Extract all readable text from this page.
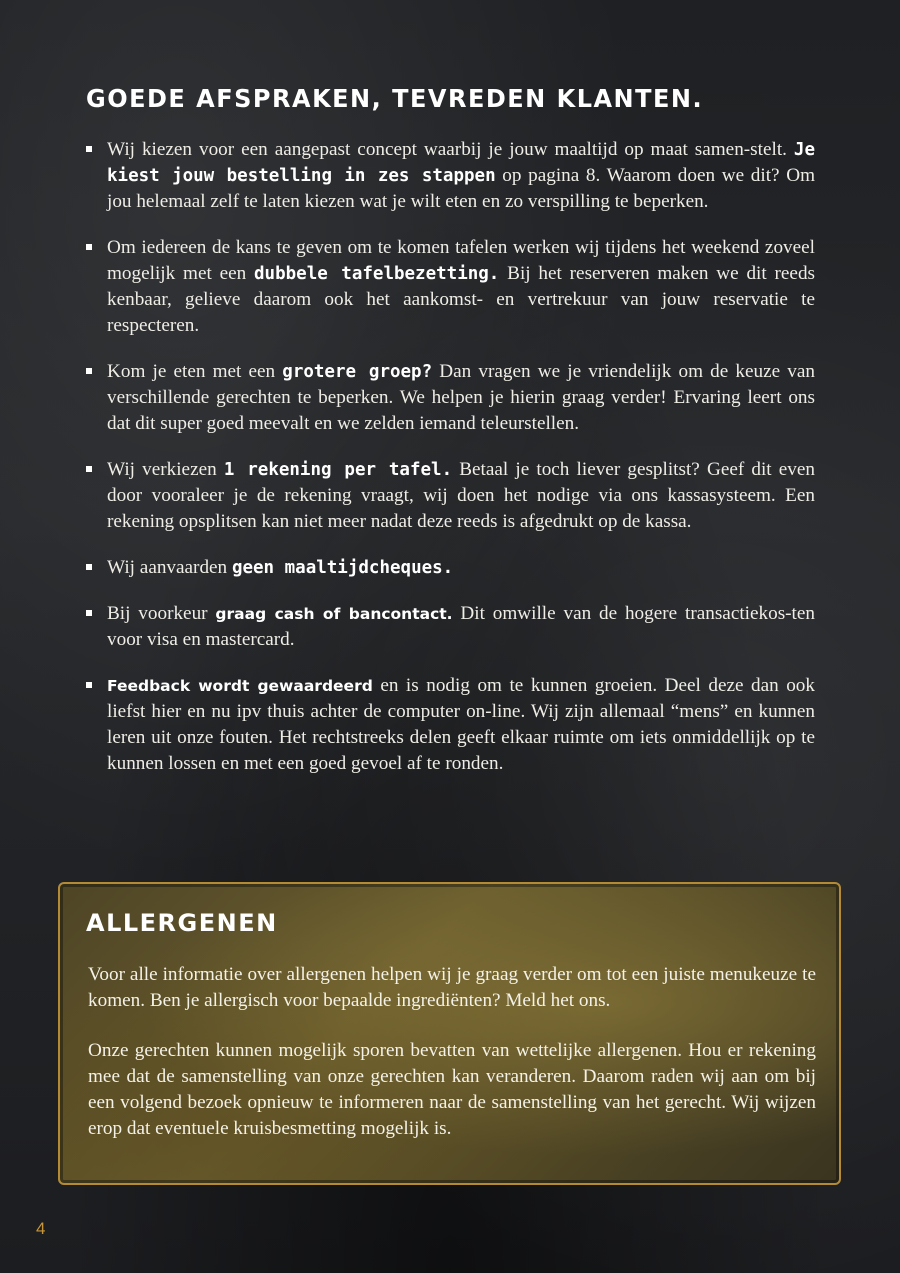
GOEDE AFSPRAKEN, TEVREDEN KLANTEN.
Wij kiezen voor een aangepast concept waarbij je jouw maaltijd op maat samen-stelt. Je kiest jouw bestelling in zes stappen op pagina 8. Waarom doen we dit? Om jou helemaal zelf te laten kiezen wat je wilt eten en zo verspilling te beperken.
Om iedereen de kans te geven om te komen tafelen werken wij tijdens het weekend zoveel mogelijk met een dubbele tafelbezetting. Bij het reserveren maken we dit reeds kenbaar, gelieve daarom ook het aankomst- en vertrekuur van jouw reservatie te respecteren.
Kom je eten met een grotere groep? Dan vragen we je vriendelijk om de keuze van verschillende gerechten te beperken. We helpen je hierin graag verder! Ervaring leert ons dat dit super goed meevalt en we zelden iemand teleurstellen.
Wij verkiezen 1 rekening per tafel. Betaal je toch liever gesplitst? Geef dit even door vooraleer je de rekening vraagt, wij doen het nodige via ons kassasysteem. Een rekening opsplitsen kan niet meer nadat deze reeds is afgedrukt op de kassa.
Wij aanvaarden geen maaltijdcheques.
Bij voorkeur graag cash of bancontact. Dit omwille van de hogere transactiekos-ten voor visa en mastercard.
Feedback wordt gewaardeerd en is nodig om te kunnen groeien. Deel deze dan ook liefst hier en nu ipv thuis achter de computer on-line. Wij zijn allemaal “mens” en kunnen leren uit onze fouten. Het rechtstreeks delen geeft elkaar ruimte om iets onmiddellijk op te kunnen lossen en met een goed gevoel af te ronden.
ALLERGENEN

Voor alle informatie over allergenen helpen wij je graag verder om tot een juiste menukeuze te komen. Ben je allergisch voor bepaalde ingrediënten? Meld het ons.

Onze gerechten kunnen mogelijk sporen bevatten van wettelijke allergenen. Hou er rekening mee dat de samenstelling van onze gerechten kan veranderen. Daarom raden wij aan om bij een volgend bezoek opnieuw te informeren naar de samenstelling van het gerecht. Wij wijzen erop dat eventuele kruisbesmetting mogelijk is.

4
